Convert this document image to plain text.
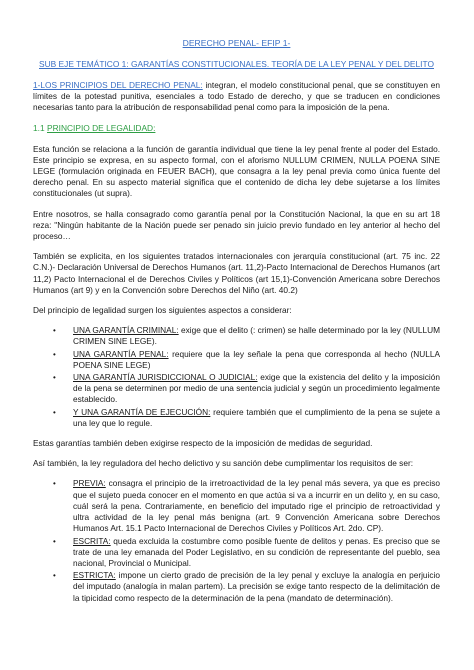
DERECHO PENAL- EFIP 1-
SUB EJE TEMÁTICO 1: GARANTÍAS CONSTITUCIONALES. TEORÍA DE LA LEY PENAL Y DEL DELITO

1-LOS PRINCIPIOS DEL DERECHO PENAL: integran, el modelo constitucional penal, que se constituyen en límites de la potestad punitiva, esenciales a todo Estado de derecho, y que se traducen en condiciones necesarias tanto para la atribución de responsabilidad penal como para la imposición de la pena.

1.1 PRINCIPIO DE LEGALIDAD:

Esta función se relaciona a la función de garantía individual que tiene la ley penal frente al poder del Estado. Este principio se expresa, en su aspecto formal, con el aforismo NULLUM CRIMEN, NULLA POENA SINE LEGE (formulación originada en FEUER BACH), que consagra a la ley penal previa como única fuente del derecho penal. En su aspecto material significa que el contenido de dicha ley debe sujetarse a los límites constitucionales (ut supra).

Entre nosotros, se halla consagrado como garantía penal por la Constitución Nacional, la que en su art 18 reza: "Ningún habitante de la Nación puede ser penado sin juicio previo fundado en ley anterior al hecho del proceso…

También se explicita, en los siguientes tratados internacionales con jerarquía constitucional (art. 75 inc. 22 C.N.)- Declaración Universal de Derechos Humanos (art. 11,2)-Pacto Internacional de Derechos Humanos (art 11,2) Pacto Internacional el de Derechos Civiles y Políticos (art 15,1)-Convención Americana sobre Derechos Humanos (art 9) y en la Convención sobre Derechos del Niño (art. 40.2)

Del principio de legalidad surgen los siguientes aspectos a considerar:

• UNA GARANTÍA CRIMINAL: exige que el delito (: crimen) se halle determinado por la ley (NULLUM CRIMEN SINE LEGE).
• UNA GARANTÍA PENAL: requiere que la ley señale la pena que corresponda al hecho (NULLA POENA SINE LEGE)
• UNA GARANTÍA JURISDICCIONAL O JUDICIAL: exige que la existencia del delito y la imposición de la pena se determinen por medio de una sentencia judicial y según un procedimiento legalmente establecido.
• Y UNA GARANTÍA DE EJECUCIÓN: requiere también que el cumplimiento de la pena se sujete a una ley que lo regule.

Estas garantías también deben exigirse respecto de la imposición de medidas de seguridad.

Así también, la ley reguladora del hecho delictivo y su sanción debe cumplimentar los requisitos de ser:

• PREVIA: consagra el principio de la irretroactividad de la ley penal más severa, ya que es preciso que el sujeto pueda conocer en el momento en que actúa si va a incurrir en un delito y, en su caso, cuál será la pena. Contrariamente, en beneficio del imputado rige el principio de retroactividad y ultra actividad de la ley penal más benigna (art. 9 Convención Americana sobre Derechos Humanos Art. 15.1 Pacto Internacional de Derechos Civiles y Políticos Art. 2do. CP).
• ESCRITA: queda excluida la costumbre como posible fuente de delitos y penas. Es preciso que se trate de una ley emanada del Poder Legislativo, en su condición de representante del pueblo, sea nacional, Provincial o Municipal.
• ESTRICTA: impone un cierto grado de precisión de la ley penal y excluye la analogía en perjuicio del imputado (analogía in malan partem). La precisión se exige tanto respecto de la delimitación de la tipicidad como respecto de la determinación de la pena (mandato de determinación).
